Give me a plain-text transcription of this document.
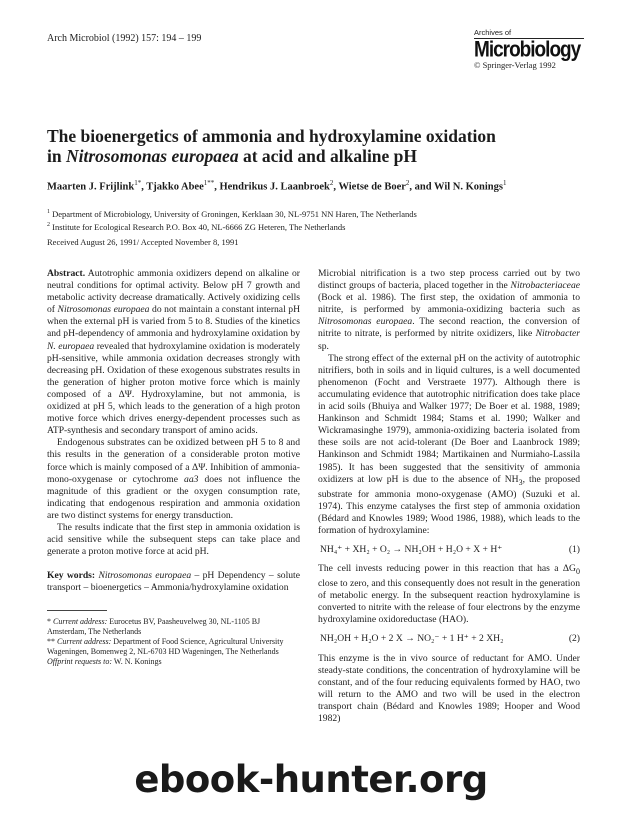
Arch Microbiol (1992) 157: 194 – 199
Archives of
Microbiology
© Springer-Verlag 1992
The bioenergetics of ammonia and hydroxylamine oxidation
in Nitrosomonas europaea at acid and alkaline pH
Maarten J. Frijlink$^{1*}$, Tjakko Abee$^{1**}$, Hendrikus J. Laanbroek$^2$, Wietse de Boer$^2$, and Wil N. Konings$^1$
$^1$ Department of Microbiology, University of Groningen, Kerklaan 30, NL-9751 NN Haren, The Netherlands
$^2$ Institute for Ecological Research P.O. Box 40, NL-6666 ZG Heteren, The Netherlands
Received August 26, 1991/ Accepted November 8, 1991

Abstract. Autotrophic ammonia oxidizers depend on alkaline or neutral conditions for optimal activity. Below pH 7 growth and metabolic activity decrease dramatically. Actively oxidizing cells of Nitrosomonas europaea do not maintain a constant internal pH when the external pH is varied from 5 to 8. Studies of the kinetics and pH-dependency of ammonia and hydroxylamine oxidation by N. europaea revealed that hydroxylamine oxidation is moderately pH-sensitive, while ammonia oxidation decreases strongly with decreasing pH. Oxidation of these exogenous substrates results in the generation of higher proton motive force which is mainly composed of a ΔΨ. Hydroxylamine, but not ammonia, is oxidized at pH 5, which leads to the generation of a high proton motive force which drives energy-dependent processes such as ATP-synthesis and secondary transport of amino acids.

Endogenous substrates can be oxidized between pH 5 to 8 and this results in the generation of a considerable proton motive force which is mainly composed of a ΔΨ. Inhibition of ammonia-mono-oxygenase or cytochrome aa3 does not influence the magnitude of this gradient or the oxygen consumption rate, indicating that endogenous respiration and ammonia oxidation are two distinct systems for energy transduction.

The results indicate that the first step in ammonia oxidation is acid sensitive while the subsequent steps can take place and generate a proton motive force at acid pH.

Key words: Nitrosomonas europaea – pH Dependency – solute transport – bioenergetics – Ammonia/hydroxylamine oxidation

* Current address: Eurocetus BV, Paasheuvelweg 30, NL-1105 BJ Amsterdam, The Netherlands

** Current address: Department of Food Science, Agricultural University Wageningen, Bomenweg 2, NL-6703 HD Wageningen, The Netherlands

Offprint requests to: W. N. Konings

Microbial nitrification is a two step process carried out by two distinct groups of bacteria, placed together in the Nitrobacteriaceae (Bock et al. 1986). The first step, the oxidation of ammonia to nitrite, is performed by ammonia-oxidizing bacteria such as Nitrosomonas europaea. The second reaction, the conversion of nitrite to nitrate, is performed by nitrite oxidizers, like Nitrobacter sp.

The strong effect of the external pH on the activity of autotrophic nitrifiers, both in soils and in liquid cultures, is a well documented phenomenon (Focht and Verstraete 1977). Although there is accumulating evidence that autotrophic nitrification does take place in acid soils (Bhuiya and Walker 1977; De Boer et al. 1988, 1989; Hankinson and Schmidt 1984; Stams et al. 1990; Walker and Wickramasinghe 1979), ammonia-oxidizing bacteria isolated from these soils are not acid-tolerant (De Boer and Laanbrock 1989; Hankinson and Schmidt 1984; Martikainen and Nurmiaho-Lassila 1985). It has been suggested that the sensitivity of ammonia oxidizers at low pH is due to the absence of $NH_3$, the proposed substrate for ammonia mono-oxygenase (AMO) (Suzuki et al. 1974). This enzyme catalyses the first step of ammonia oxidation (Bédard and Knowles 1989; Wood 1986, 1988), which leads to the formation of hydroxylamine:

NH₄⁺ + XH₂ + O₂ → NH₂OH + H₂O + X + H⁺	(1)

The cell invests reducing power in this reaction that has a $\Delta G_0$ close to zero, and this consequently does not result in the generation of metabolic energy. In the subsequent reaction hydroxylamine is converted to nitrite with the release of four electrons by the enzyme hydroxylamine oxidoreductase (HAO).

NH₂OH + H₂O + 2 X → NO₂⁻ + 1 H⁺ + 2 XH₂	(2)

This enzyme is the in vivo source of reductant for AMO. Under steady-state conditions, the concentration of hydroxylamine will be constant, and of the four reducing equivalents formed by HAO, two will return to the AMO and two will be used in the electron transport chain (Bédard and Knowles 1989; Hooper and Wood 1982)

ebook-hunter.org
